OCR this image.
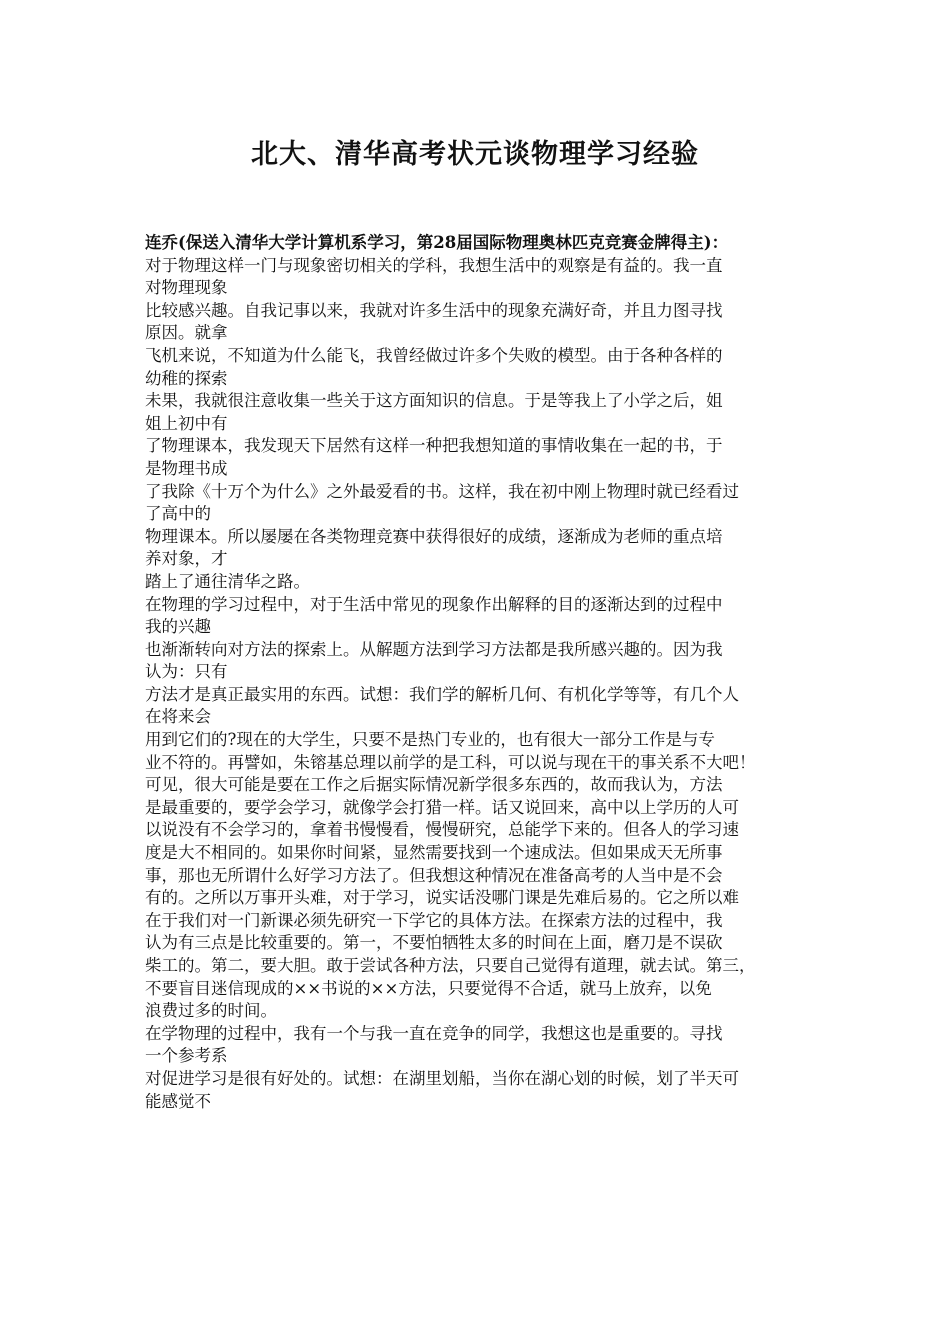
北大、清华高考状元谈物理学习经验
连乔(保送入清华大学计算机系学习，第28届国际物理奥林匹克竞赛金牌得主)：
对于物理这样一门与现象密切相关的学科，我想生活中的观察是有益的。我一直
对物理现象
比较感兴趣。自我记事以来，我就对许多生活中的现象充满好奇，并且力图寻找
原因。就拿
飞机来说，不知道为什么能飞，我曾经做过许多个失败的模型。由于各种各样的
幼稚的探索
未果，我就很注意收集一些关于这方面知识的信息。于是等我上了小学之后，姐
姐上初中有
了物理课本，我发现天下居然有这样一种把我想知道的事情收集在一起的书，于
是物理书成
了我除《十万个为什么》之外最爱看的书。这样，我在初中刚上物理时就已经看过
了高中的
物理课本。所以屡屡在各类物理竞赛中获得很好的成绩，逐渐成为老师的重点培
养对象，才
踏上了通往清华之路。
在物理的学习过程中，对于生活中常见的现象作出解释的目的逐渐达到的过程中
我的兴趣
也渐渐转向对方法的探索上。从解题方法到学习方法都是我所感兴趣的。因为我
认为：只有
方法才是真正最实用的东西。试想：我们学的解析几何、有机化学等等，有几个人
在将来会
用到它们的?现在的大学生，只要不是热门专业的，也有很大一部分工作是与专
业不符的。再譬如，朱镕基总理以前学的是工科，可以说与现在干的事关系不大吧！
可见，很大可能是要在工作之后据实际情况新学很多东西的，故而我认为，方法
是最重要的，要学会学习，就像学会打猎一样。话又说回来，高中以上学历的人可
以说没有不会学习的，拿着书慢慢看，慢慢研究，总能学下来的。但各人的学习速
度是大不相同的。如果你时间紧，显然需要找到一个速成法。但如果成天无所事
事，那也无所谓什么好学习方法了。但我想这种情况在准备高考的人当中是不会
有的。之所以万事开头难，对于学习，说实话没哪门课是先难后易的。它之所以难
在于我们对一门新课必须先研究一下学它的具体方法。在探索方法的过程中，我
认为有三点是比较重要的。第一，不要怕牺牲太多的时间在上面，磨刀是不误砍
柴工的。第二，要大胆。敢于尝试各种方法，只要自己觉得有道理，就去试。第三，
不要盲目迷信现成的××书说的××方法，只要觉得不合适，就马上放弃，以免
浪费过多的时间。
在学物理的过程中，我有一个与我一直在竞争的同学，我想这也是重要的。寻找
一个参考系
对促进学习是很有好处的。试想：在湖里划船，当你在湖心划的时候，划了半天可
能感觉不
